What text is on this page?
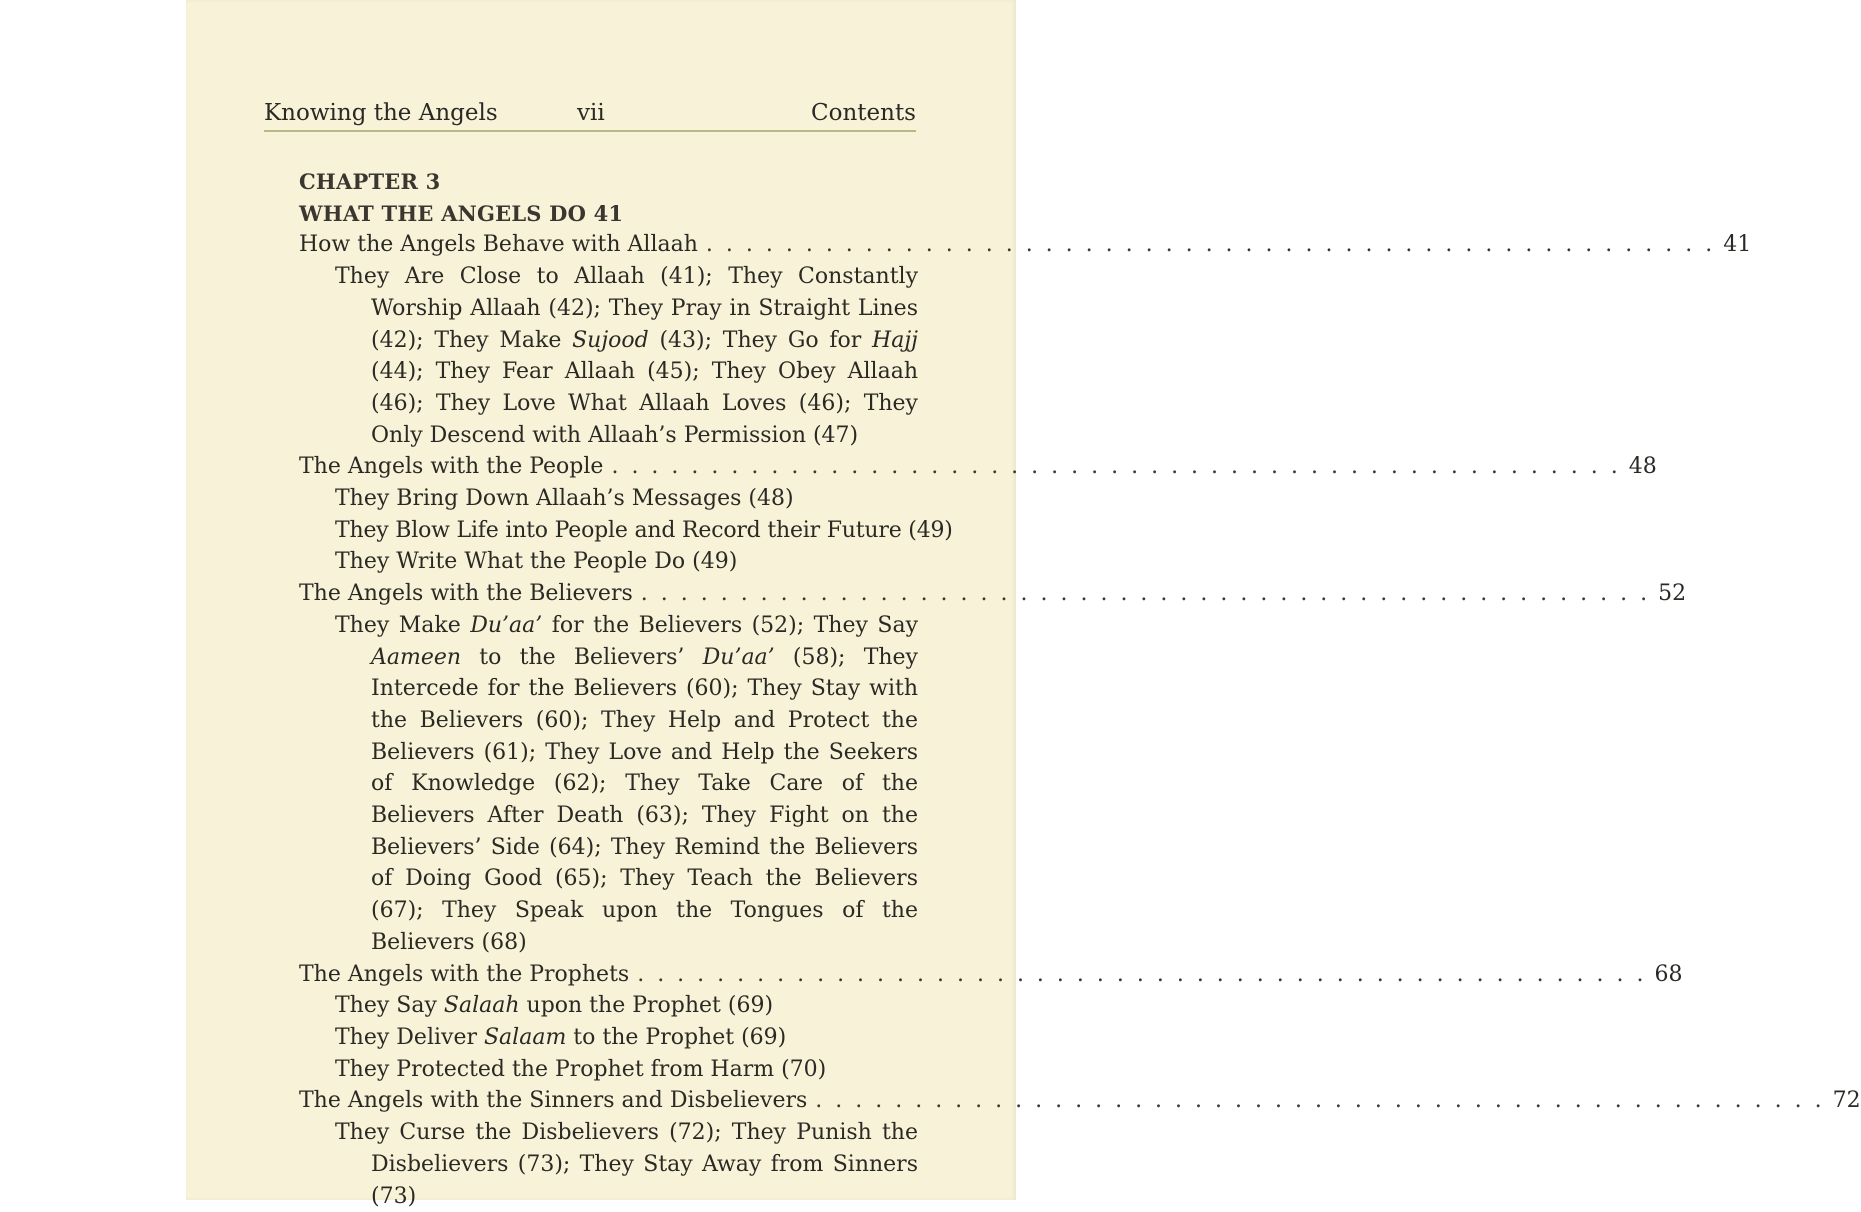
Knowing the Angels	vii	Contents
CHAPTER 3
WHAT THE ANGELS DO 41
How the Angels Behave with Allaah . . . . . . . . . . . . . . . . . . . . . . . . . . . . . . . . . . . . . . . . . . . . . . . . . . . 41
They Are Close to Allaah (41); They Constantly Worship Allaah (42); They Pray in Straight Lines (42); They Make Sujood (43); They Go for Hajj (44); They Fear Allaah (45); They Obey Allaah (46); They Love What Allaah Loves (46); They Only Descend with Allaah’s Permission (47)
The Angels with the People . . . . . . . . . . . . . . . . . . . . . . . . . . . . . . . . . . . . . . . . . . . . . . . . . . . 48
They Bring Down Allaah’s Messages (48)
They Blow Life into People and Record their Future (49)
They Write What the People Do (49)
The Angels with the Believers . . . . . . . . . . . . . . . . . . . . . . . . . . . . . . . . . . . . . . . . . . . . . . . . . . . 52
They Make Du’aa’ for the Believers (52); They Say Aameen to the Believers’ Du’aa’ (58); They Intercede for the Believers (60); They Stay with the Believers (60); They Help and Protect the Believers (61); They Love and Help the Seekers of Knowledge (62); They Take Care of the Believers After Death (63); They Fight on the Believers’ Side (64); They Remind the Believers of Doing Good (65); They Teach the Believers (67); They Speak upon the Tongues of the Believers (68)
The Angels with the Prophets . . . . . . . . . . . . . . . . . . . . . . . . . . . . . . . . . . . . . . . . . . . . . . . . . . . 68
They Say Salaah upon the Prophet (69)
They Deliver Salaam to the Prophet (69)
They Protected the Prophet from Harm (70)
The Angels with the Sinners and Disbelievers . . . . . . . . . . . . . . . . . . . . . . . . . . . . . . . . . . . . . . . . . . . . . . . . . . . 72
They Curse the Disbelievers (72); They Punish the Disbelievers (73); They Stay Away from Sinners (73)
